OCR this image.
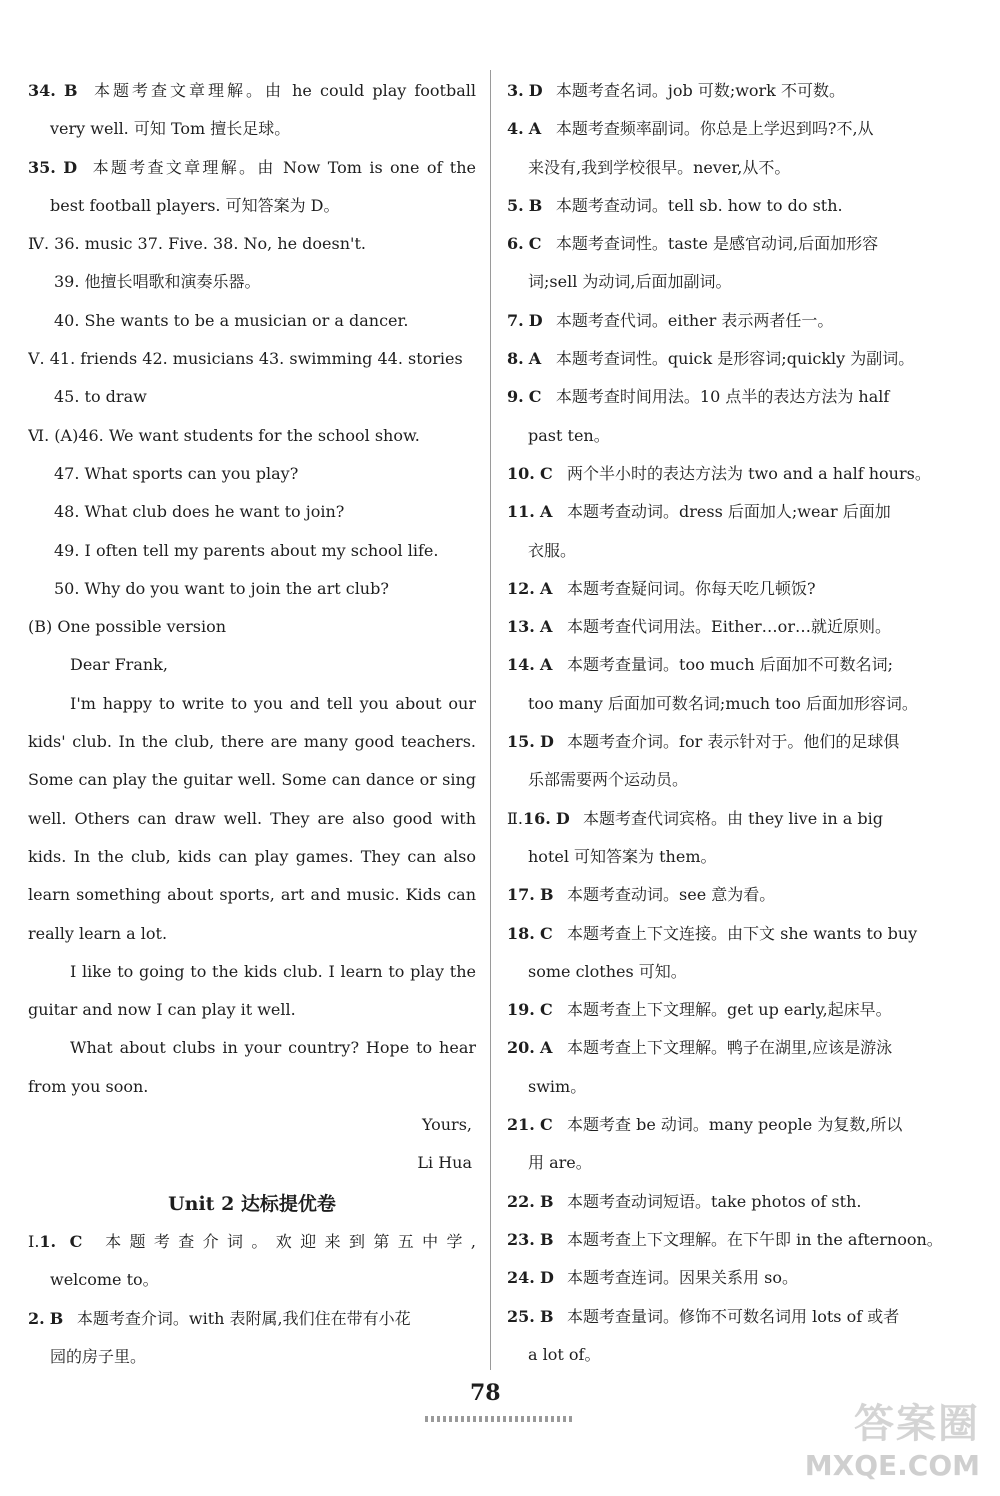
34. B 本题考查文章理解。由 he could play football
very well. 可知 Tom 擅长足球。
35. D 本题考查文章理解。由 Now Tom is one of the
best football players. 可知答案为 D。
Ⅳ. 36. music 37. Five. 38. No, he doesn't.
39. 他擅长唱歌和演奏乐器。
40. She wants to be a musician or a dancer.
Ⅴ. 41. friends 42. musicians 43. swimming 44. stories
45. to draw
Ⅵ. (A)46. We want students for the school show.
47. What sports can you play?
48. What club does he want to join?
49. I often tell my parents about my school life.
50. Why do you want to join the art club?
(B) One possible version
Dear Frank,
I'm happy to write to you and tell you about our
kids' club. In the club, there are many good teachers.
Some can play the guitar well. Some can dance or sing
well. Others can draw well. They are also good with
kids. In the club, kids can play games. They can also
learn something about sports, art and music. Kids can
really learn a lot.
I like to going to the kids club. I learn to play the
guitar and now I can play it well.
What about clubs in your country? Hope to hear
from you soon.
Yours,
Li Hua
Unit 2 达标提优卷
Ⅰ.1. C 本题考查介词。欢迎来到第五中学,
welcome to。
2. B 本题考查介词。with 表附属,我们住在带有小花
园的房子里。
3. D 本题考查名词。job 可数;work 不可数。
4. A 本题考查频率副词。你总是上学迟到吗?不,从
来没有,我到学校很早。never,从不。
5. B 本题考查动词。tell sb. how to do sth.
6. C 本题考查词性。taste 是感官动词,后面加形容
词;sell 为动词,后面加副词。
7. D 本题考查代词。either 表示两者任一。
8. A 本题考查词性。quick 是形容词;quickly 为副词。
9. C 本题考查时间用法。10 点半的表达方法为 half
past ten。
10. C 两个半小时的表达方法为 two and a half hours。
11. A 本题考查动词。dress 后面加人;wear 后面加
衣服。
12. A 本题考查疑问词。你每天吃几顿饭?
13. A 本题考查代词用法。Either…or…就近原则。
14. A 本题考查量词。too much 后面加不可数名词;
too many 后面加可数名词;much too 后面加形容词。
15. D 本题考查介词。for 表示针对于。他们的足球俱
乐部需要两个运动员。
Ⅱ.16. D 本题考查代词宾格。由 they live in a big
hotel 可知答案为 them。
17. B 本题考查动词。see 意为看。
18. C 本题考查上下文连接。由下文 she wants to buy
some clothes 可知。
19. C 本题考查上下文理解。get up early,起床早。
20. A 本题考查上下文理解。鸭子在湖里,应该是游泳
swim。
21. C 本题考查 be 动词。many people 为复数,所以
用 are。
22. B 本题考查动词短语。take photos of sth.
23. B 本题考查上下文理解。在下午即 in the afternoon。
24. D 本题考查连词。因果关系用 so。
25. B 本题考查量词。修饰不可数名词用 lots of 或者
a lot of。
78
答案圈
MXQE.COM
